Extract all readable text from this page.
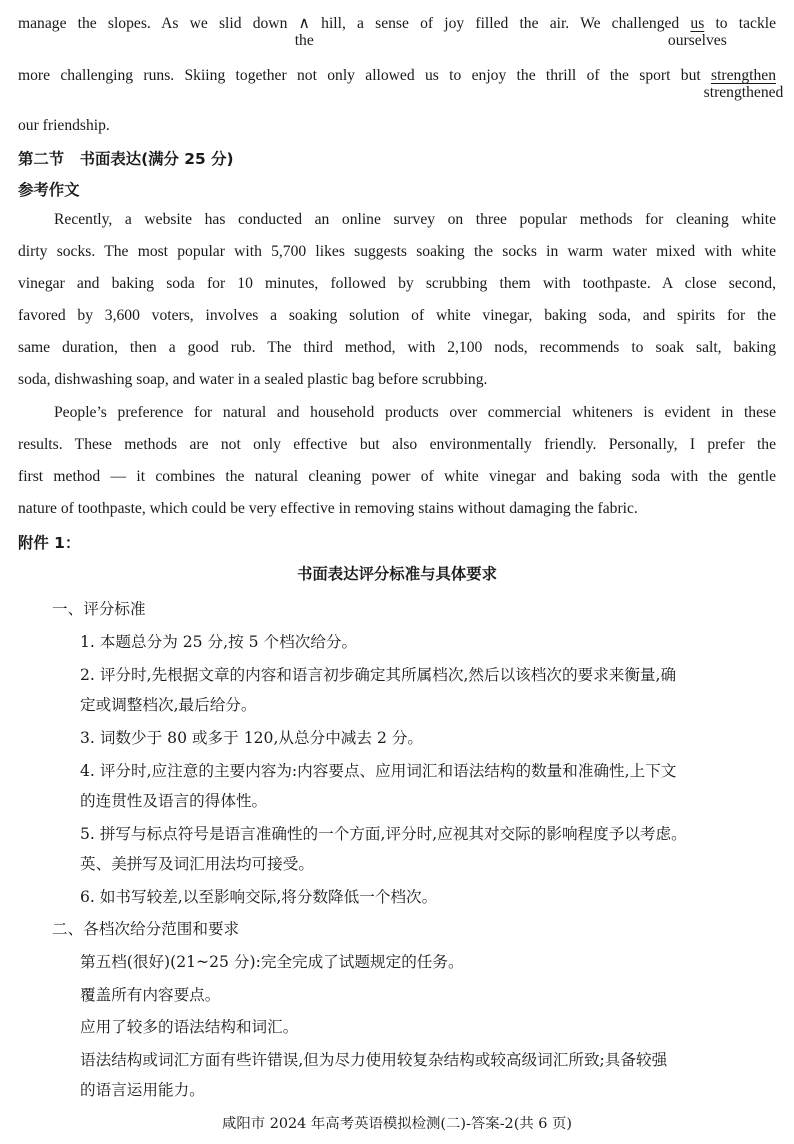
manage the slopes. As we slid down ∧
the
hill, a sense of joy filled the air. We challenged us
ourselves
to tackle
more challenging runs. Skiing together not only allowed us to enjoy the thrill of the sport but strengthen
strengthened
our friendship.
第二节　书面表达(满分 25 分)
参考作文
Recently, a website has conducted an online survey on three popular methods for cleaning white
dirty socks. The most popular with 5,700 likes suggests soaking the socks in warm water mixed with white
vinegar and baking soda for 10 minutes, followed by scrubbing them with toothpaste. A close second,
favored by 3,600 voters, involves a soaking solution of white vinegar, baking soda, and spirits for the
same duration, then a good rub. The third method, with 2,100 nods, recommends to soak salt, baking
soda, dishwashing soap, and water in a sealed plastic bag before scrubbing.
People’s preference for natural and household products over commercial whiteners is evident in these
results. These methods are not only effective but also environmentally friendly. Personally, I prefer the
first method — it combines the natural cleaning power of white vinegar and baking soda with the gentle
nature of toothpaste, which could be very effective in removing stains without damaging the fabric.
附件 1：
书面表达评分标准与具体要求
一、评分标准
1. 本题总分为 25 分,按 5 个档次给分。
2. 评分时,先根据文章的内容和语言初步确定其所属档次,然后以该档次的要求来衡量,确
定或调整档次,最后给分。
3. 词数少于 80 或多于 120,从总分中减去 2 分。
4. 评分时,应注意的主要内容为:内容要点、应用词汇和语法结构的数量和准确性,上下文
的连贯性及语言的得体性。
5. 拼写与标点符号是语言准确性的一个方面,评分时,应视其对交际的影响程度予以考虑。
英、美拼写及词汇用法均可接受。
6. 如书写较差,以至影响交际,将分数降低一个档次。
二、各档次给分范围和要求
第五档(很好)(21~25 分):完全完成了试题规定的任务。
覆盖所有内容要点。
应用了较多的语法结构和词汇。
语法结构或词汇方面有些许错误,但为尽力使用较复杂结构或较高级词汇所致;具备较强
的语言运用能力。
咸阳市 2024 年高考英语模拟检测(二)-答案-2(共 6 页)
